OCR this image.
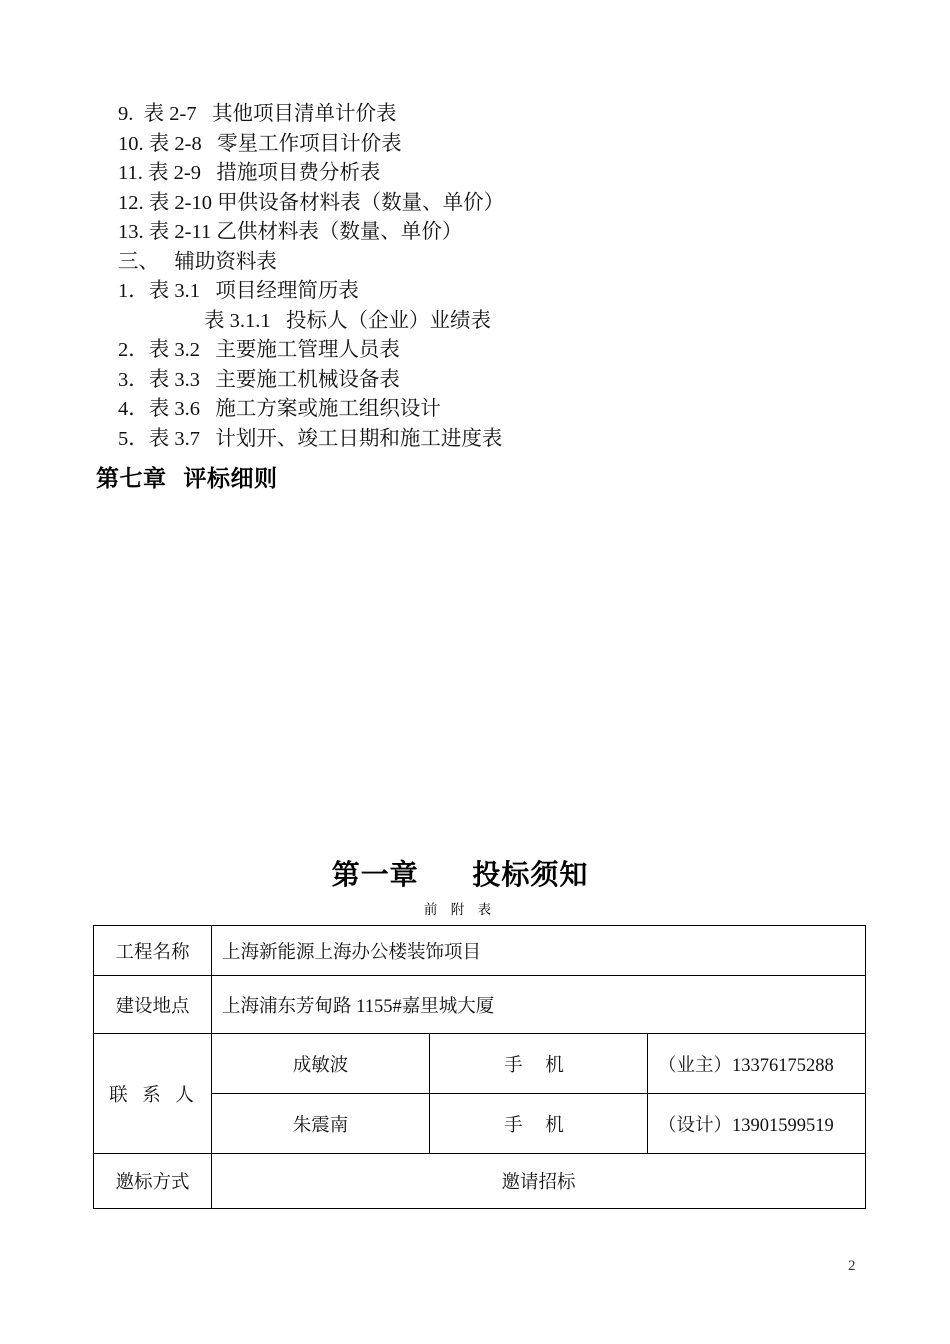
9.  表 2-7   其他项目清单计价表
10. 表 2-8   零星工作项目计价表
11. 表 2-9   措施项目费分析表
12. 表 2-10 甲供设备材料表（数量、单价）
13. 表 2-11 乙供材料表（数量、单价）
三、   辅助资料表
1．表 3.1   项目经理简历表
表 3.1.1   投标人（企业）业绩表
2．表 3.2   主要施工管理人员表
3．表 3.3   主要施工机械设备表
4．表 3.6   施工方案或施工组织设计
5．表 3.7   计划开、竣工日期和施工进度表
第七章  评标细则
第一章     投标须知
前 附 表
工程名称	上海新能源上海办公楼装饰项目		
建设地点	上海浦东芳甸路 1155#嘉里城大厦		
联 系 人	成敏波	手 机	（业主）13376175288
	朱震南	手 机	（设计）13901599519
邀标方式	邀请招标		
2
